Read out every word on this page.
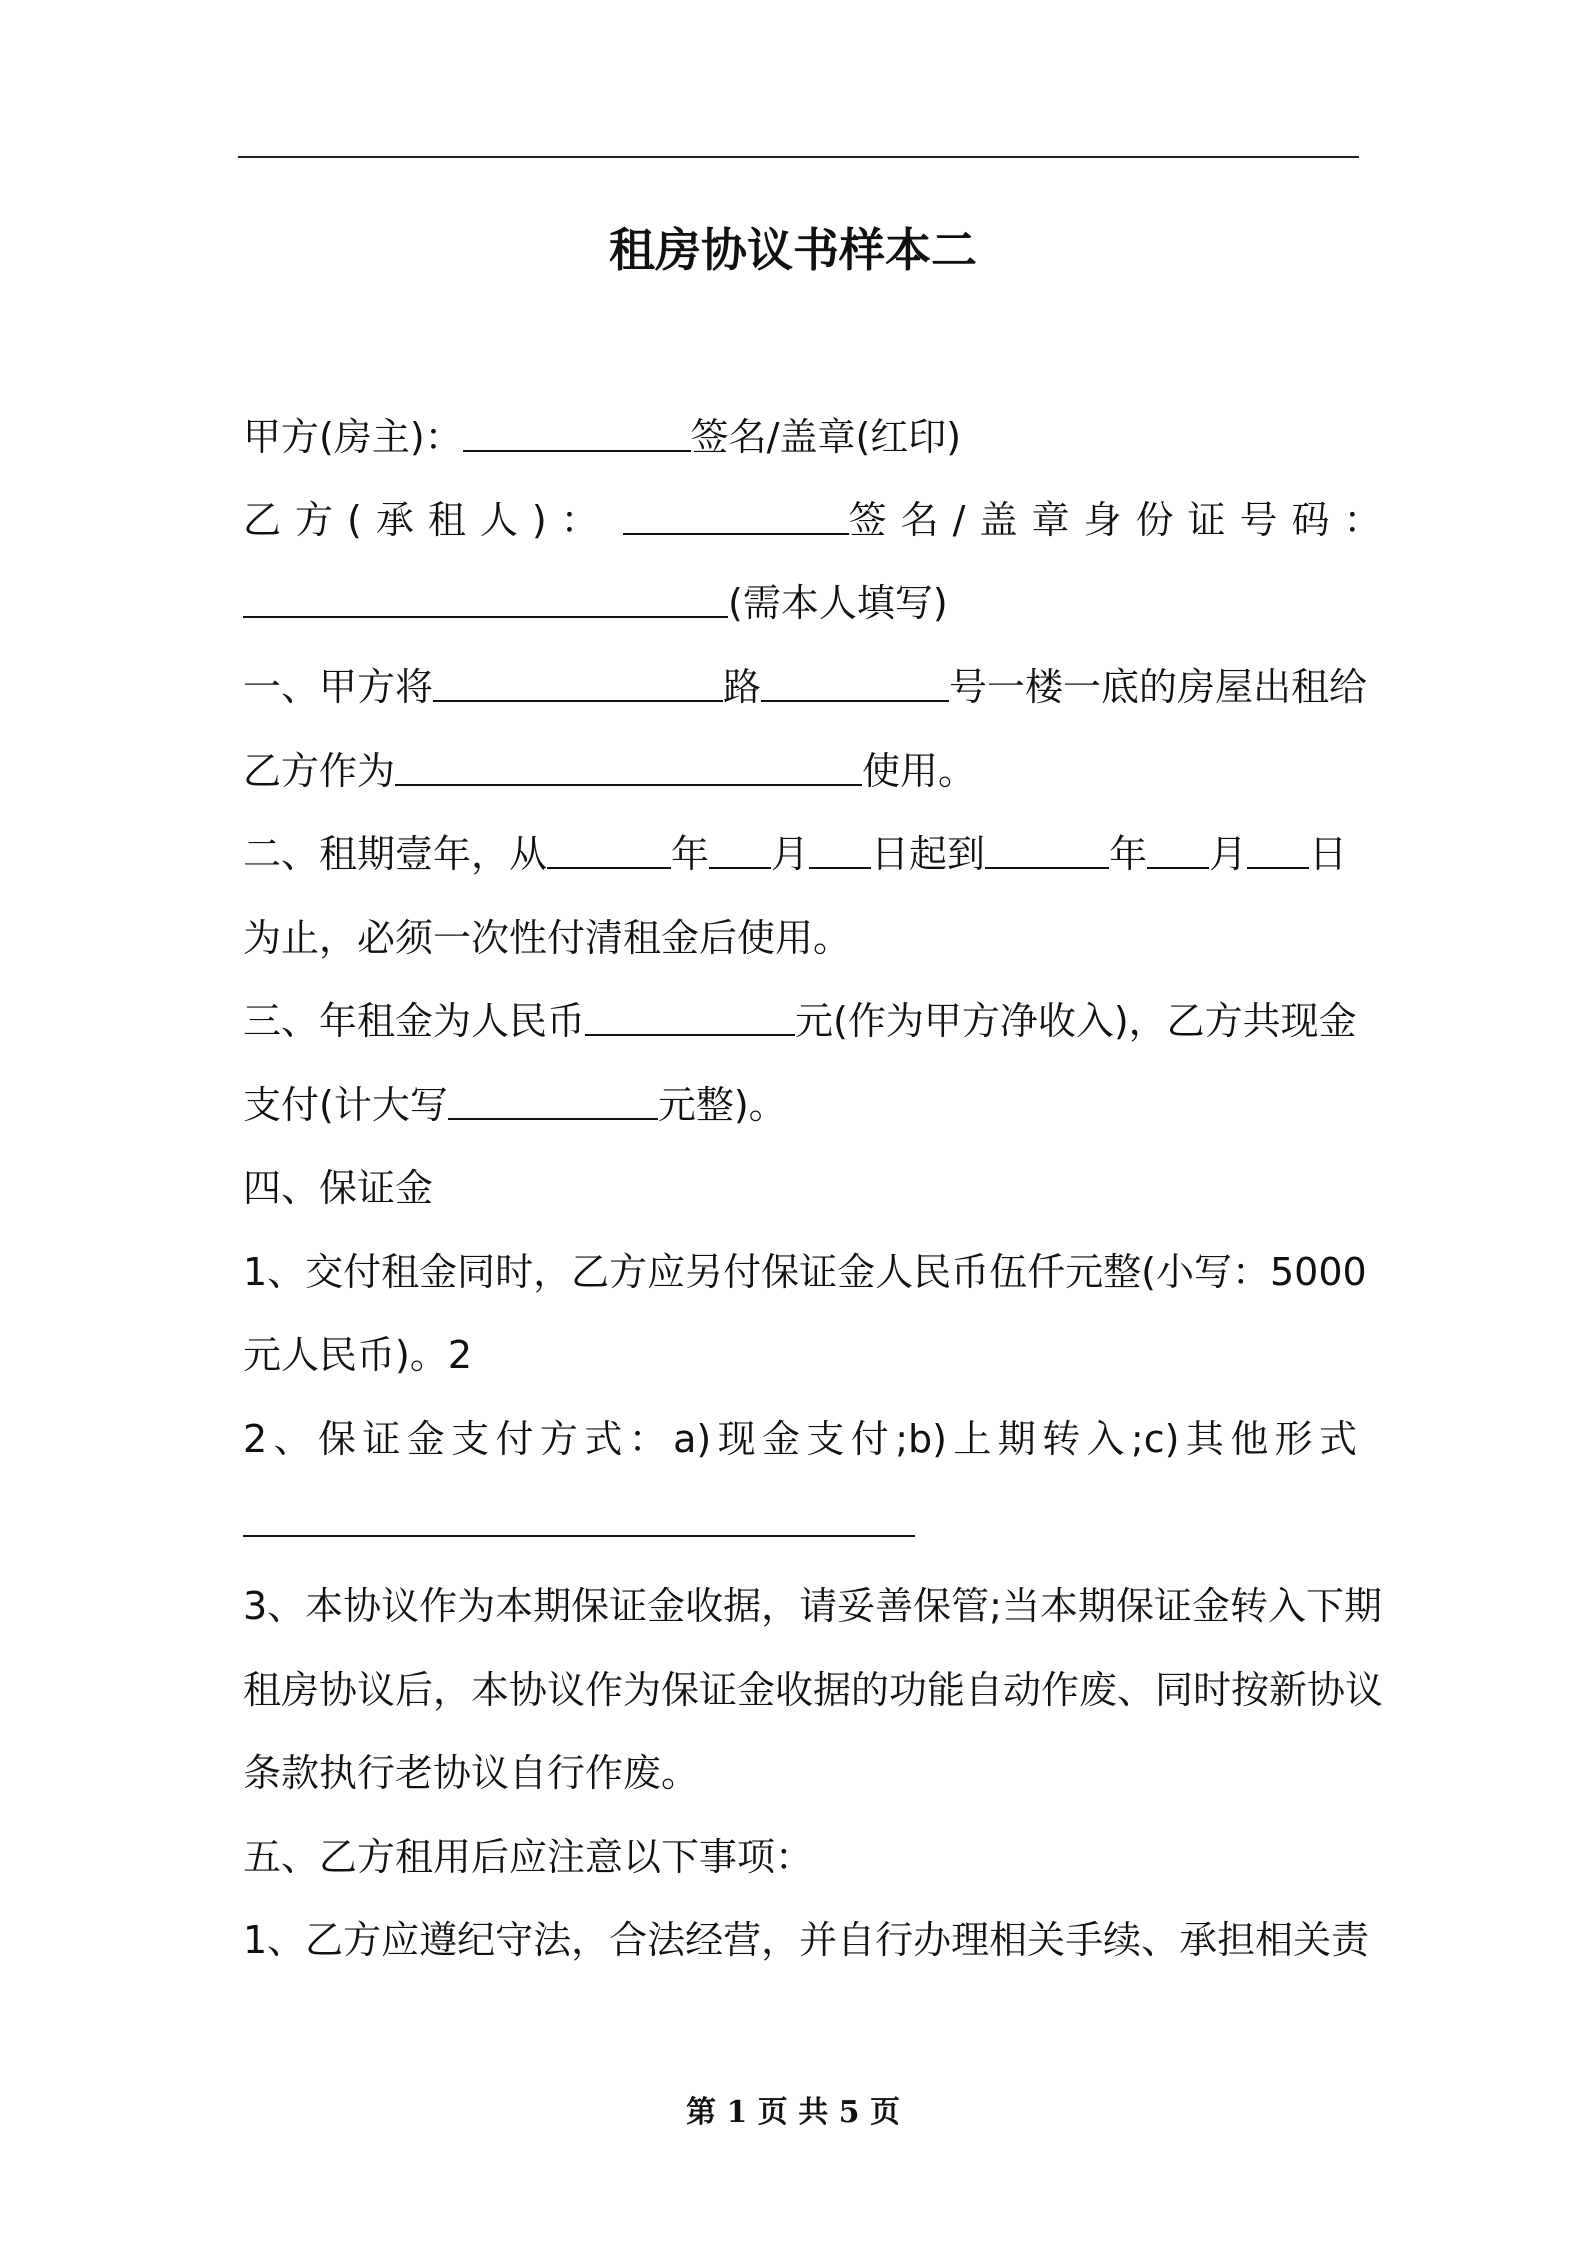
租房协议书样本二
甲方(房主)：	签名/盖章(红印)
乙方(承租人)：	签名/盖章身份证号码：
(需本人填写)
一、甲方将	路	号一楼一底的房屋出租给
乙方作为	使用。
二、租期壹年，从	年 月 日起到	年 月 日
为止，必须一次性付清租金后使用。
三、年租金为人民币	元(作为甲方净收入)，乙方共现金
支付(计大写	元整)。
四、保证金
1、交付租金同时，乙方应另付保证金人民币伍仟元整(小写：5000
元人民币)。2
2、保证金支付方式：a)现金支付;b)上期转入;c)其他形式
3、本协议作为本期保证金收据，请妥善保管;当本期保证金转入下期
租房协议后，本协议作为保证金收据的功能自动作废、同时按新协议
条款执行老协议自行作废。
五、乙方租用后应注意以下事项：
1、乙方应遵纪守法，合法经营，并自行办理相关手续、承担相关责
第 1 页 共 5 页
